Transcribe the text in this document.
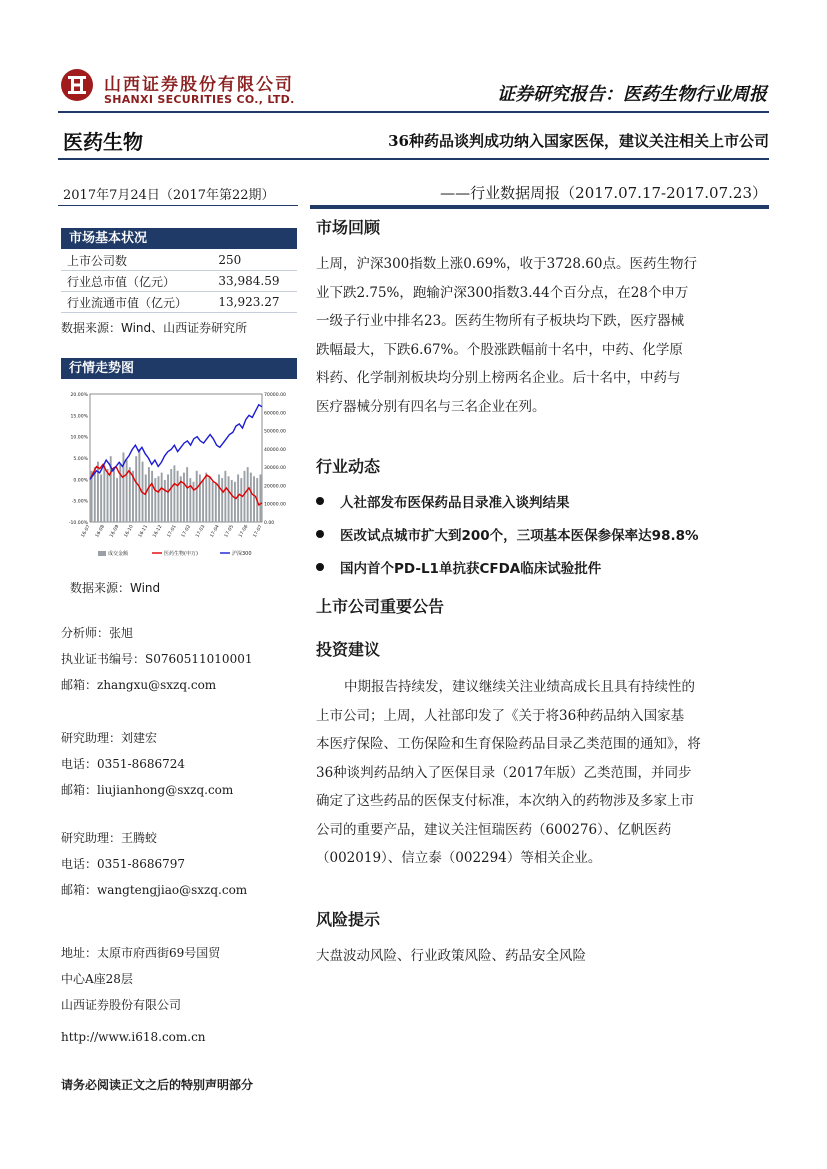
山西证券股份有限公司
SHANXI SECURITIES CO., LTD.	证券研究报告：医药生物行业周报
医药生物	36种药品谈判成功纳入国家医保，建议关注相关上市公司
2017年7月24日（2017年第22期）	——行业数据周报（2017.07.17-2017.07.23）
市场基本状况
上市公司数	250
行业总市值（亿元）	33,984.59
行业流通市值（亿元）	13,923.27
数据来源：Wind、山西证券研究所
行情走势图
20.00%
15.00%
10.00%
5.00%
0.00%
-5.00%
-10.00%
70000.00
60000.00
50000.00
40000.00
30000.00
20000.00
10000.00
0.00
16-07 16-08 16-09 16-10 16-11 16-12 17-01 17-02 17-03 17-04 17-05 17-06 17-07
成交金额	医药生物(申万)	沪深300
数据来源：Wind
分析师：张旭
执业证书编号：S0760511010001
邮箱：zhangxu@sxzq.com
研究助理：刘建宏
电话：0351-8686724
邮箱：liujianhong@sxzq.com
研究助理：王腾蛟
电话：0351-8686797
邮箱：wangtengjiao@sxzq.com
地址：太原市府西街69号国贸
中心A座28层
山西证券股份有限公司
http://www.i618.com.cn
请务必阅读正文之后的特别声明部分
市场回顾
上周，沪深300指数上涨0.69%，收于3728.60点。医药生物行
业下跌2.75%，跑输沪深300指数3.44个百分点，在28个申万
一级子行业中排名23。医药生物所有子板块均下跌，医疗器械
跌幅最大，下跌6.67%。个股涨跌幅前十名中，中药、化学原
料药、化学制剂板块均分别上榜两名企业。后十名中，中药与
医疗器械分别有四名与三名企业在列。
行业动态
人社部发布医保药品目录准入谈判结果
医改试点城市扩大到200个，三项基本医保参保率达98.8%
国内首个PD-L1单抗获CFDA临床试验批件
上市公司重要公告
投资建议
中期报告持续发，建议继续关注业绩高成长且具有持续性的
上市公司；上周，人社部印发了《关于将36种药品纳入国家基
本医疗保险、工伤保险和生育保险药品目录乙类范围的通知》，将
36种谈判药品纳入了医保目录（2017年版）乙类范围，并同步
确定了这些药品的医保支付标准，本次纳入的药物涉及多家上市
公司的重要产品，建议关注恒瑞医药（600276）、亿帆医药
（002019）、信立泰（002294）等相关企业。
风险提示
大盘波动风险、行业政策风险、药品安全风险
